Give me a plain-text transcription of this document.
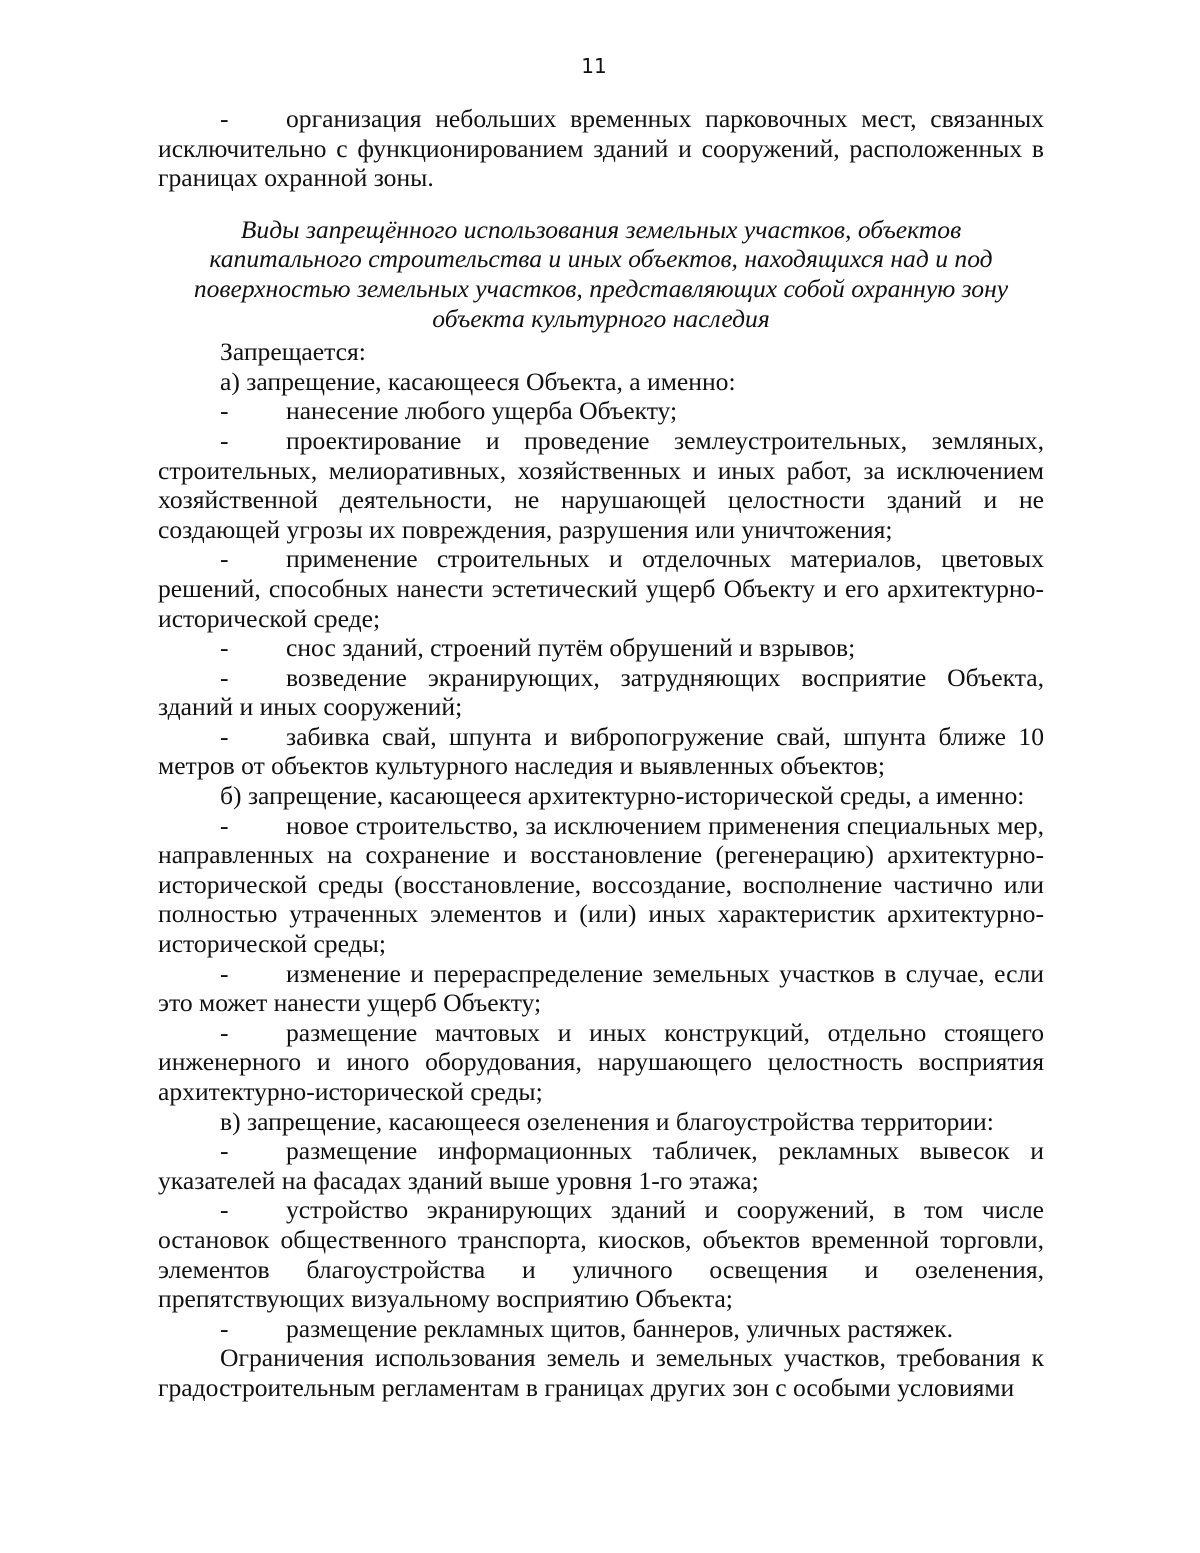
11

- организация небольших временных парковочных мест, связанных исключительно с функционированием зданий и сооружений, расположенных в границах охранной зоны.

Виды запрещённого использования земельных участков, объектов капитального строительства и иных объектов, находящихся над и под поверхностью земельных участков, представляющих собой охранную зону объекта культурного наследия

Запрещается:

а) запрещение, касающееся Объекта, а именно:

- нанесение любого ущерба Объекту;

- проектирование и проведение землеустроительных, земляных, строительных, мелиоративных, хозяйственных и иных работ, за исключением хозяйственной деятельности, не нарушающей целостности зданий и не создающей угрозы их повреждения, разрушения или уничтожения;

- применение строительных и отделочных материалов, цветовых решений, способных нанести эстетический ущерб Объекту и его архитектурно-исторической среде;

- снос зданий, строений путём обрушений и взрывов;

- возведение экранирующих, затрудняющих восприятие Объекта, зданий и иных сооружений;

- забивка свай, шпунта и вибропогружение свай, шпунта ближе 10 метров от объектов культурного наследия и выявленных объектов;

б) запрещение, касающееся архитектурно-исторической среды, а именно:

- новое строительство, за исключением применения специальных мер, направленных на сохранение и восстановление (регенерацию) архитектурно-исторической среды (восстановление, воссоздание, восполнение частично или полностью утраченных элементов и (или) иных характеристик архитектурно-исторической среды;

- изменение и перераспределение земельных участков в случае, если это может нанести ущерб Объекту;

- размещение мачтовых и иных конструкций, отдельно стоящего инженерного и иного оборудования, нарушающего целостность восприятия архитектурно-исторической среды;

в) запрещение, касающееся озеленения и благоустройства территории:

- размещение информационных табличек, рекламных вывесок и указателей на фасадах зданий выше уровня 1-го этажа;

- устройство экранирующих зданий и сооружений, в том числе остановок общественного транспорта, киосков, объектов временной торговли, элементов благоустройства и уличного освещения и озеленения, препятствующих визуальному восприятию Объекта;

- размещение рекламных щитов, баннеров, уличных растяжек.

Ограничения использования земель и земельных участков, требования к градостроительным регламентам в границах других зон с особыми условиями
